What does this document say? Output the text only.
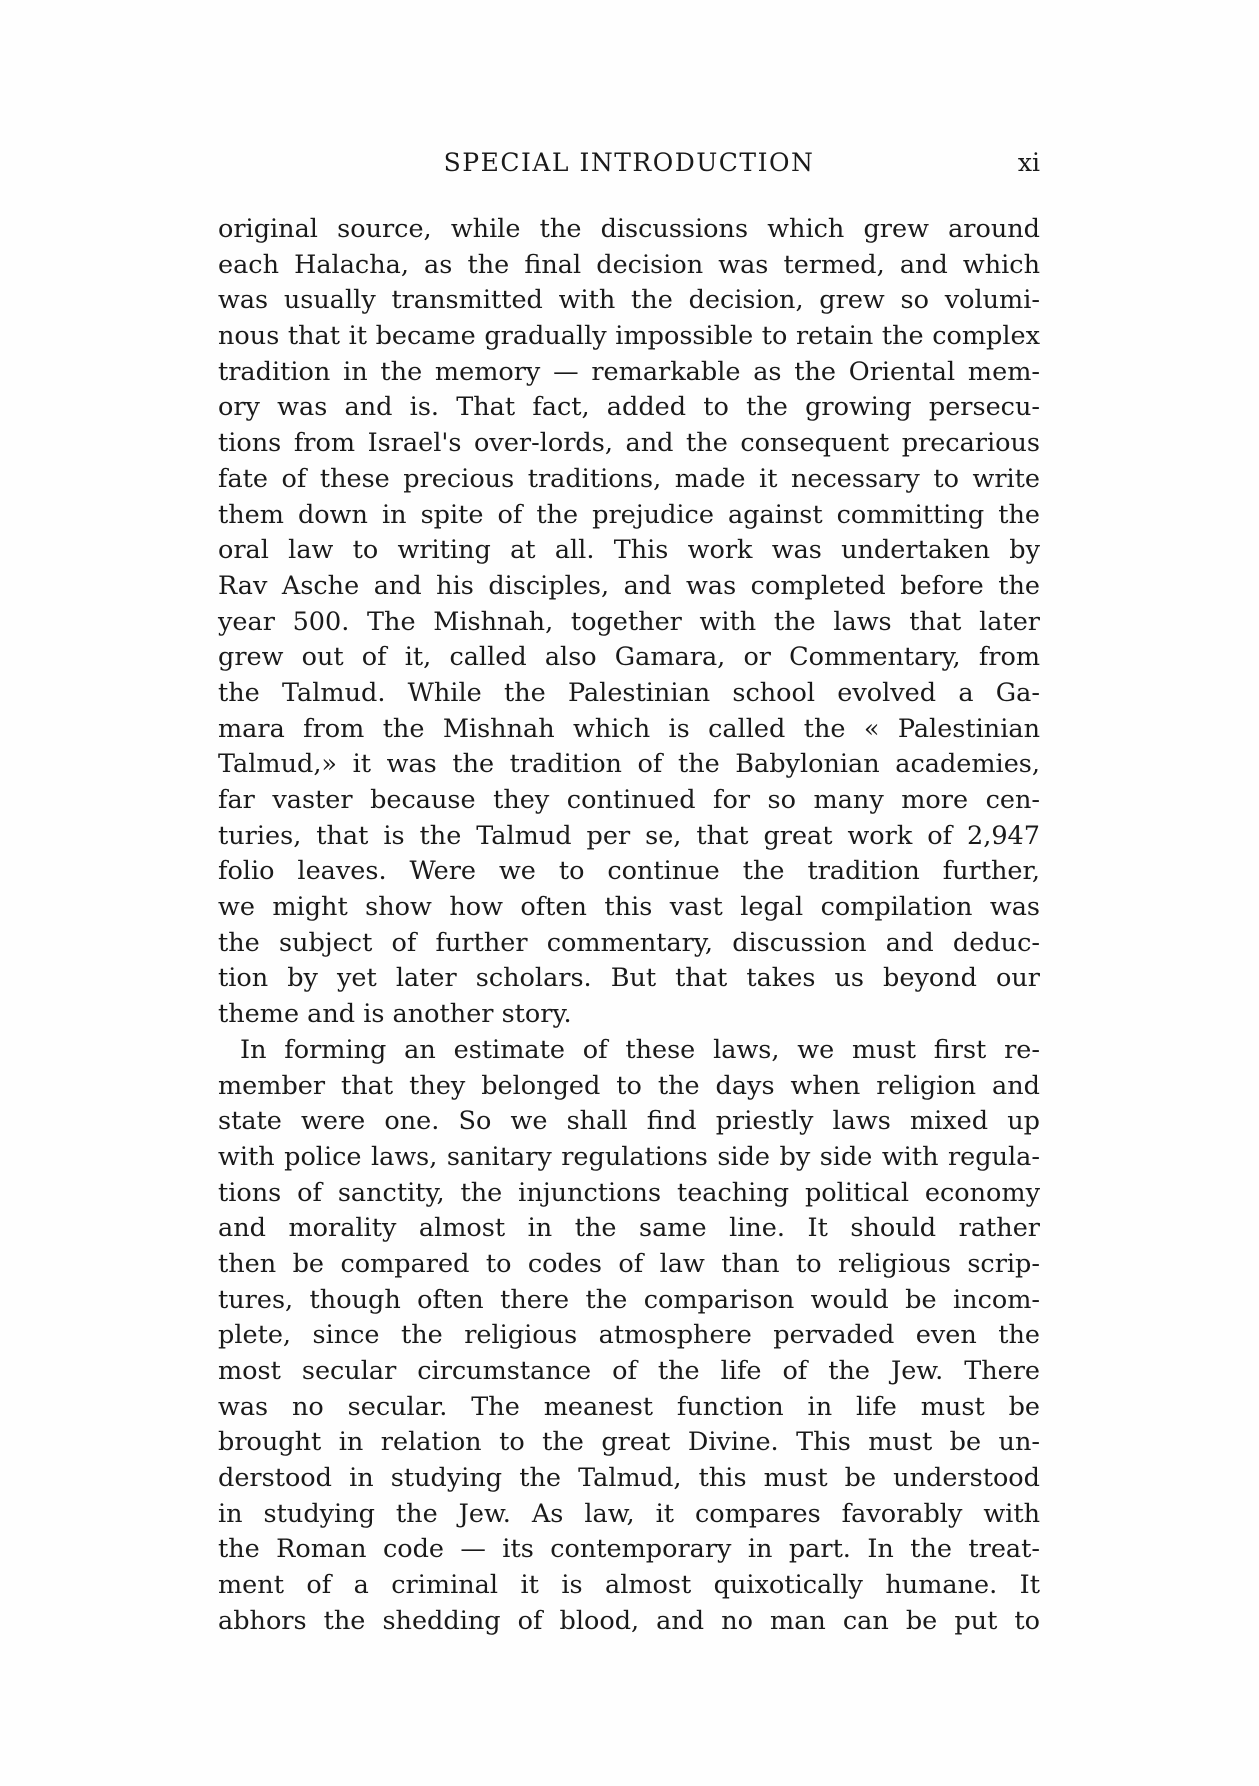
SPECIAL INTRODUCTION	xi
original source, while the discussions which grew around
each Halacha, as the final decision was termed, and which
was usually transmitted with the decision, grew so volumi-
nous that it became gradually impossible to retain the complex
tradition in the memory — remarkable as the Oriental mem-
ory was and is. That fact, added to the growing persecu-
tions from Israel's over-lords, and the consequent precarious
fate of these precious traditions, made it necessary to write
them down in spite of the prejudice against committing the
oral law to writing at all. This work was undertaken by
Rav Asche and his disciples, and was completed before the
year 500. The Mishnah, together with the laws that later
grew out of it, called also Gamara, or Commentary, from
the Talmud. While the Palestinian school evolved a Ga-
mara from the Mishnah which is called the « Palestinian
Talmud,» it was the tradition of the Babylonian academies,
far vaster because they continued for so many more cen-
turies, that is the Talmud per se, that great work of 2,947
folio leaves. Were we to continue the tradition further,
we might show how often this vast legal compilation was
the subject of further commentary, discussion and deduc-
tion by yet later scholars. But that takes us beyond our
theme and is another story.
In forming an estimate of these laws, we must first re-
member that they belonged to the days when religion and
state were one. So we shall find priestly laws mixed up
with police laws, sanitary regulations side by side with regula-
tions of sanctity, the injunctions teaching political economy
and morality almost in the same line. It should rather
then be compared to codes of law than to religious scrip-
tures, though often there the comparison would be incom-
plete, since the religious atmosphere pervaded even the
most secular circumstance of the life of the Jew. There
was no secular. The meanest function in life must be
brought in relation to the great Divine. This must be un-
derstood in studying the Talmud, this must be understood
in studying the Jew. As law, it compares favorably with
the Roman code — its contemporary in part. In the treat-
ment of a criminal it is almost quixotically humane. It
abhors the shedding of blood, and no man can be put to
